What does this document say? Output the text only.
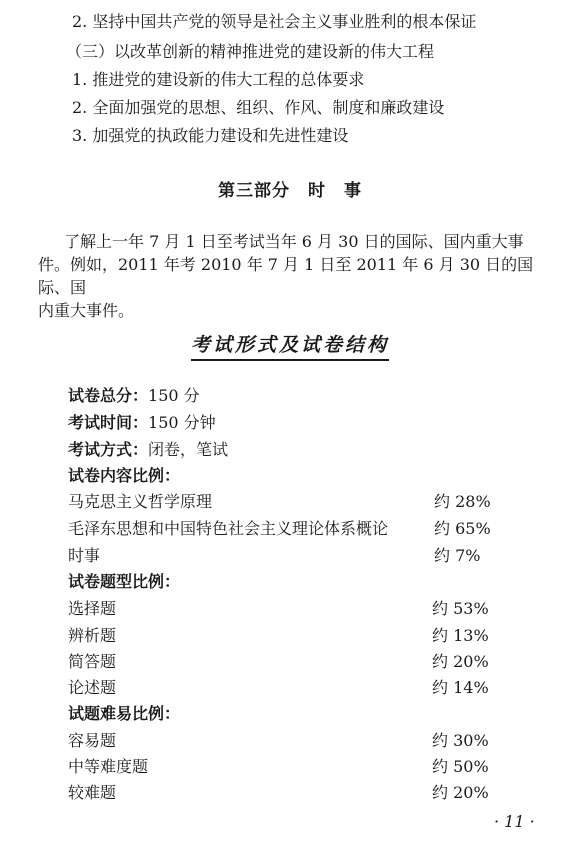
2. 坚持中国共产党的领导是社会主义事业胜利的根本保证
（三）以改革创新的精神推进党的建设新的伟大工程
1. 推进党的建设新的伟大工程的总体要求
2. 全面加强党的思想、组织、作风、制度和廉政建设
3. 加强党的执政能力建设和先进性建设
第三部分　时　事
了解上一年 7 月 1 日至考试当年 6 月 30 日的国际、国内重大事
件。例如，2011 年考 2010 年 7 月 1 日至 2011 年 6 月 30 日的国际、国
内重大事件。
考试形式及试卷结构
试卷总分：150 分
考试时间：150 分钟
考试方式：闭卷，笔试
试卷内容比例：
马克思主义哲学原理	约 28%
毛泽东思想和中国特色社会主义理论体系概论	约 65%
时事	约 7%
试卷题型比例：
选择题	约 53%
辨析题	约 13%
简答题	约 20%
论述题	约 14%
试题难易比例：
容易题	约 30%
中等难度题	约 50%
较难题	约 20%
· 11 ·
